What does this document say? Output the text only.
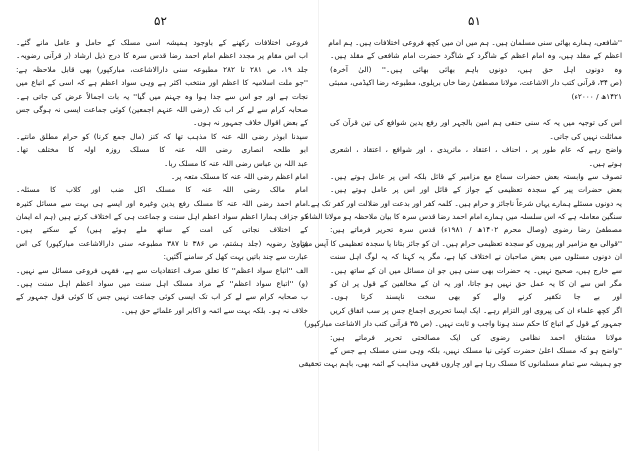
۵۲
فروعی اختلافات رکھنے کے باوجود ہمیشہ اسی مسلک کے حامل و عامل مانے گئے۔
اب اس مقام پر مجدد اعظم امام احمد رضا قدس سرہ کا درج ذیل ارشاد (ر قرآنی رضویہ۔
جلد ۱۹، ص ۲۸۱ تا ۲۸۲ مطبوعہ سنی دارالاشاعت، مبارکپور) بھی قابل ملاحظہ ہے:
''جو ملت اسلامیہ کا اعظم اور منتخب اکثر ہے وہی سواد اعظم ہے کہ اسی کے اتباع میں
نجات ہے اور جو اس سے جدا ہوا وہ جہنم میں گیا'' یہ بات اجمالاً عرض کی جاتی ہے۔
صحابہ کرام سے لے کر اب تک (رضی اللہ عنہم اجمعین) کوئی جماعت ایسی نہ ہوگی جس
کے بعض اقوال خلاف جمہور نہ ہوں۔
سیدنا ابوذر رضی اللہ عنہ کا مذہب تھا کہ کنز (مال جمع کرنا) کو حرام مطلق مانتے۔
ابو طلحہ انصاری رضی اللہ عنہ کا مسلک روزہ اولہ کا مختلف تھا۔
عبد اللہ بن عباس رضی اللہ عنہ کا مسلک ربا۔
امام اعظم رضی اللہ عنہ کا مسلک متعہ پر۔
امام مالک رضی اللہ عنہ کا مسلک اکل ضب اور کلاب کا مسئلہ۔
امام احمد رضی اللہ عنہ کا مسلک رفع یدین وغیرہ اور ایسے ہی بہت سے مسائل کثیرہ
کو جزاف ہمارا اعظم سواد اعظم اہل سنت و جماعت ہی کے اختلاف کرتے ہیں (ہم اے ایمان
کے اختلاف نجاتی کی امت کے ساتھ ملے ہوئے ہیں) کے سکتے ہیں۔
فتاویٰ رضویہ (جلد ہشتم، ص ۳۸۶ تا ۳۸۷ مطبوعہ سنی دارالاشاعت مبارکپور) کی اس
عبارت سے چند باتیں بہت کھل کر سامنے آگئیں:
الف ''اتباع سواد اعظم'' کا تعلق صرف اعتقادیات سے ہے، فقہی فروعی مسائل سے نہیں۔
(و) ''اتباع سواد اعظم'' کے مراد مسلک اہل سنت میں سواد اعظم اہل سنت ہیں۔
ب صحابہ کرام سے لے کر اب تک ایسی کوئی جماعت نہیں جس کا کوئی قول جمہور کے
خلاف نہ ہو۔ بلکہ بہت سے ائمہ و اکابر اور علمائے حق ہیں۔
۵۱
''شافعی، ہمارے بھائی سنی مسلمان ہیں۔ ہم میں ان میں کچھ فروعی اختلافات ہیں۔ ہم امام
اعظم کے مقلد ہیں، وہ امام اعظم کے شاگرد کے شاگرد حضرت امام شافعی کے مقلد ہیں۔
وہ دونوں اہل حق ہیں، دونوں باہم بھائی بھائی ہیں۔'' (الیٰ آخرہ)
(ص ۳۴، قرآنی کتب دار الاشاعت، مولانا مصطفیٰ رضا خاں بریلوی، مطبوعہ رضا اکیڈمی، ممبئی
۱۴۲۱ھ / ۲۰۰۰ء)
اس کی توجیہ میں یہ کہ سنی حنفی ہم امین بالجہر اور رفع یدین شوافع کی تین قرآن کی
مماثلت نہیں کی جاتی۔
واضح رہے کہ عام طور پر ، احناف ، اعتقاد ، ماتریدی ، اور شوافع ، اعتقاد ، اشعری
ہوتے ہیں۔
تصوف سے وابستہ بعض حضرات سماع مع مزامیر کے قائل بلکہ اس پر عامل ہوتے ہیں۔
بعض حضرات پیر کے سجدہ تعظیمی کے جواز کے قائل اور اس پر عامل ہوتے ہیں۔
یہ دونوں مسئلے ہمارے یہاں شرعاً ناجائز و حرام ہیں۔ کلمہ کفر اور بدعت اور ضلالت اور کفر تک ہے۔
سنگین معاملہ ہے کہ اس سلسلہ میں ہمارے امام احمد رضا قدس سرہ کا بیان ملاحظہ ہو مولانا الشاہ
مصطفیٰ رضا رضوی (وصال محرم ۱۴۰۲ھ / ۱۹۸۱ء) قدس سرہ تحریر فرماتے ہیں:
''قوالی مع مزامیر اور پیروں کو سجدہ تعظیمی حرام ہیں۔ ان کو جائز بتانا یا سجدہ تعظیمی کا آپس میں
ان دونوں مسئلوں میں بعض صاحبان نے اختلاف کیا ہے، مگر یہ کہنا کہ یہ لوگ اہل سنت
سے خارج ہیں، صحیح نہیں۔ یہ حضرات بھی سنی ہیں جو ان مسائل میں ان کے ساتھ ہیں۔
مگر اس سے ان کا یہ عمل حق نہیں ہو جاتا، اور یہ ان کے مخالفین کے قول پر ان کو
اور بے جا تکفیر کرنے والے کو بھی سخت ناپسند کرتا ہوں۔
اگر کچھ علماء ان کی پیروی اور التزام رہے۔ ایک ایسا تحریری اجماع جس پر سب اتفاق کریں
جمہور کے قول کے اتباع کا حکم سند ہونا واجب و ثابت نہیں۔ (ص ۳۵ قرآنی کتب دار الاشاعت مبارکپور)
مولانا مشتاق احمد نظامی رضوی کی ایک مصالحتی تحریر فرماتے ہیں:
''واضح ہو کہ مسلک اعلیٰ حضرت کوئی نیا مسلک نہیں، بلکہ وہی سنی مسلک ہے جس کے
جو ہمیشہ سے تمام مسلمانوں کا مسلک رہا ہے اور چاروں فقہی مذاہب کے ائمہ بھی، باہم بہت تحقیقی
